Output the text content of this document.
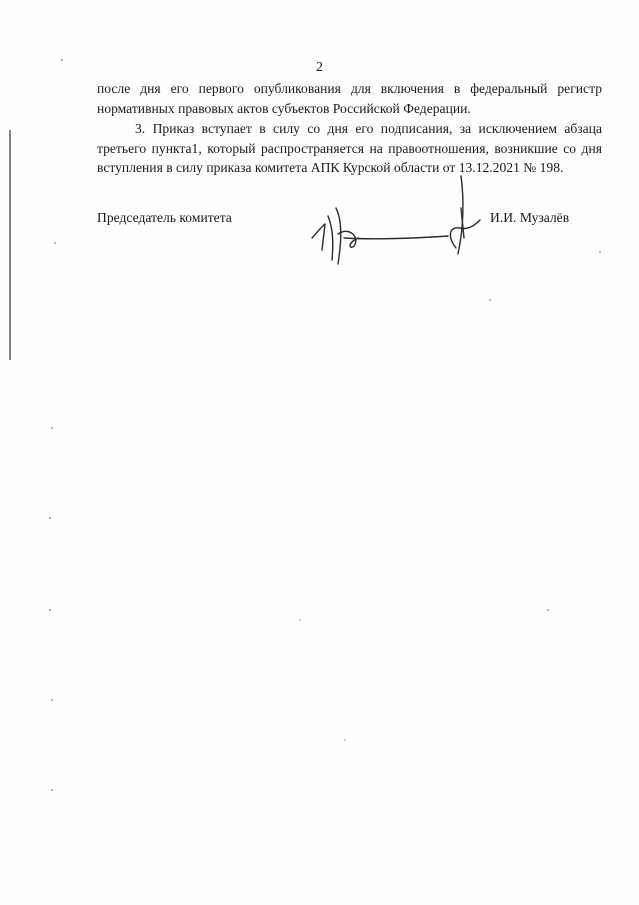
2

после дня его первого опубликования для включения в федеральный регистр нормативных правовых актов субъектов Российской Федерации.

3. Приказ вступает в силу со дня его подписания, за исключением абзаца третьего пункта1, который распространяется на правоотношения, возникшие со дня вступления в силу приказа комитета АПК Курской области от 13.12.2021 № 198.

Председатель комитета	И.И. Музалёв
